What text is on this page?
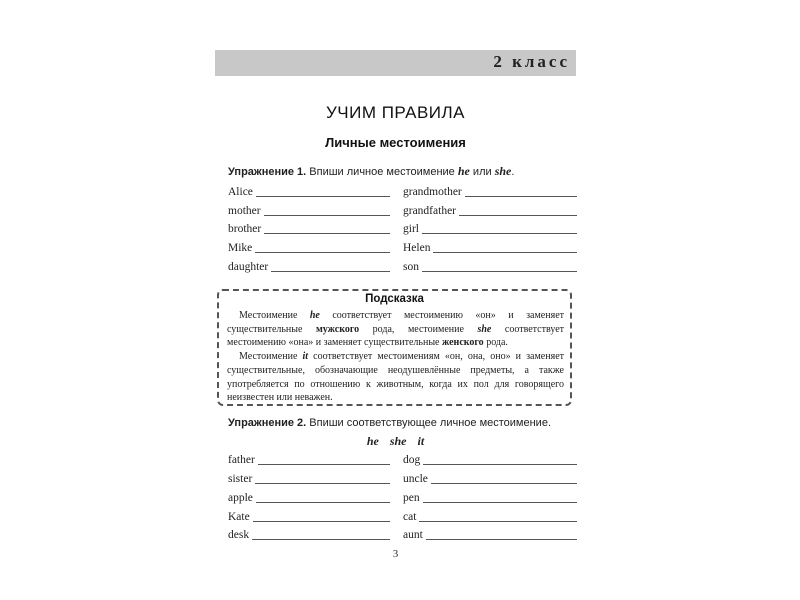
2 класс
УЧИМ ПРАВИЛА
Личные местоимения
Упражнение 1. Впиши личное местоимение he или she.
Alice
mother
brother
Mike
daughter
grandmother
grandfather
girl
Helen
son
Подсказка

Местоимение he соответствует местоимению «он» и заменяет существительные мужского рода, местоимение she соответствует местоимению «она» и заменяет существительные женского рода.

Местоимение it соответствует местоимениям «он, она, оно» и заменяет существительные, обозначающие неодушевлённые предметы, а также употребляется по отношению к животным, когда их пол для говорящего неизвестен или неважен.

Упражнение 2. Впиши соответствующее личное местоимение.
he she it
father
sister
apple
Kate
desk
dog
uncle
pen
cat
aunt
3
